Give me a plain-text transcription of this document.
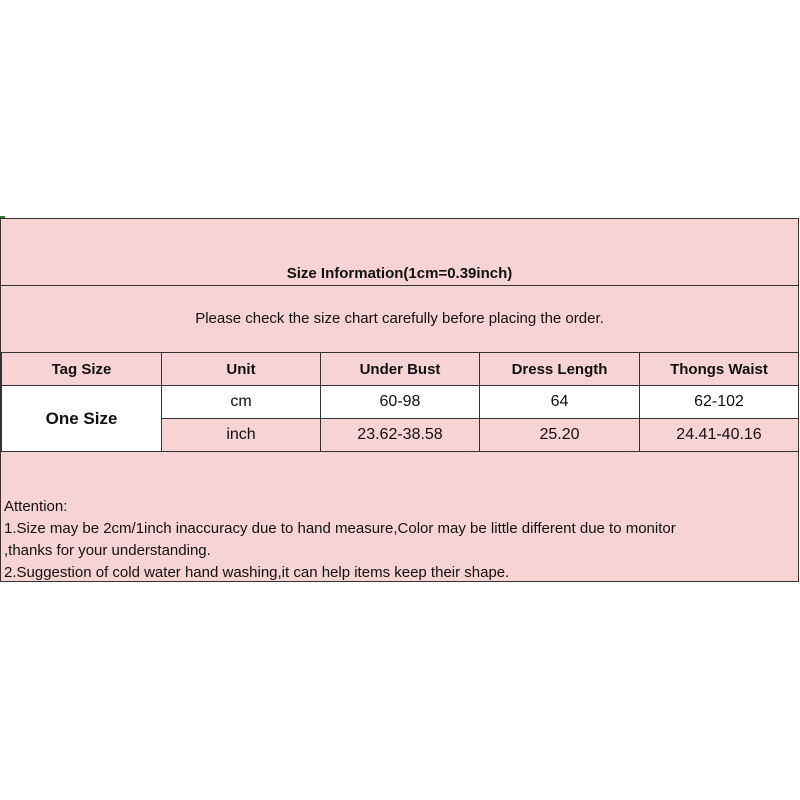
Size Information(1cm=0.39inch)
Please check the size chart carefully before placing the order.
Tag Size	Unit	Under Bust	Dress Length	Thongs Waist
One Size	cm	60-98	64	62-102
	inch	23.62-38.58	25.20	24.41-40.16
Attention:
1.Size may be 2cm/1inch inaccuracy due to hand measure,Color may be little different due to monitor
,thanks for your understanding.
2.Suggestion of cold water hand washing,it can help items keep their shape.
